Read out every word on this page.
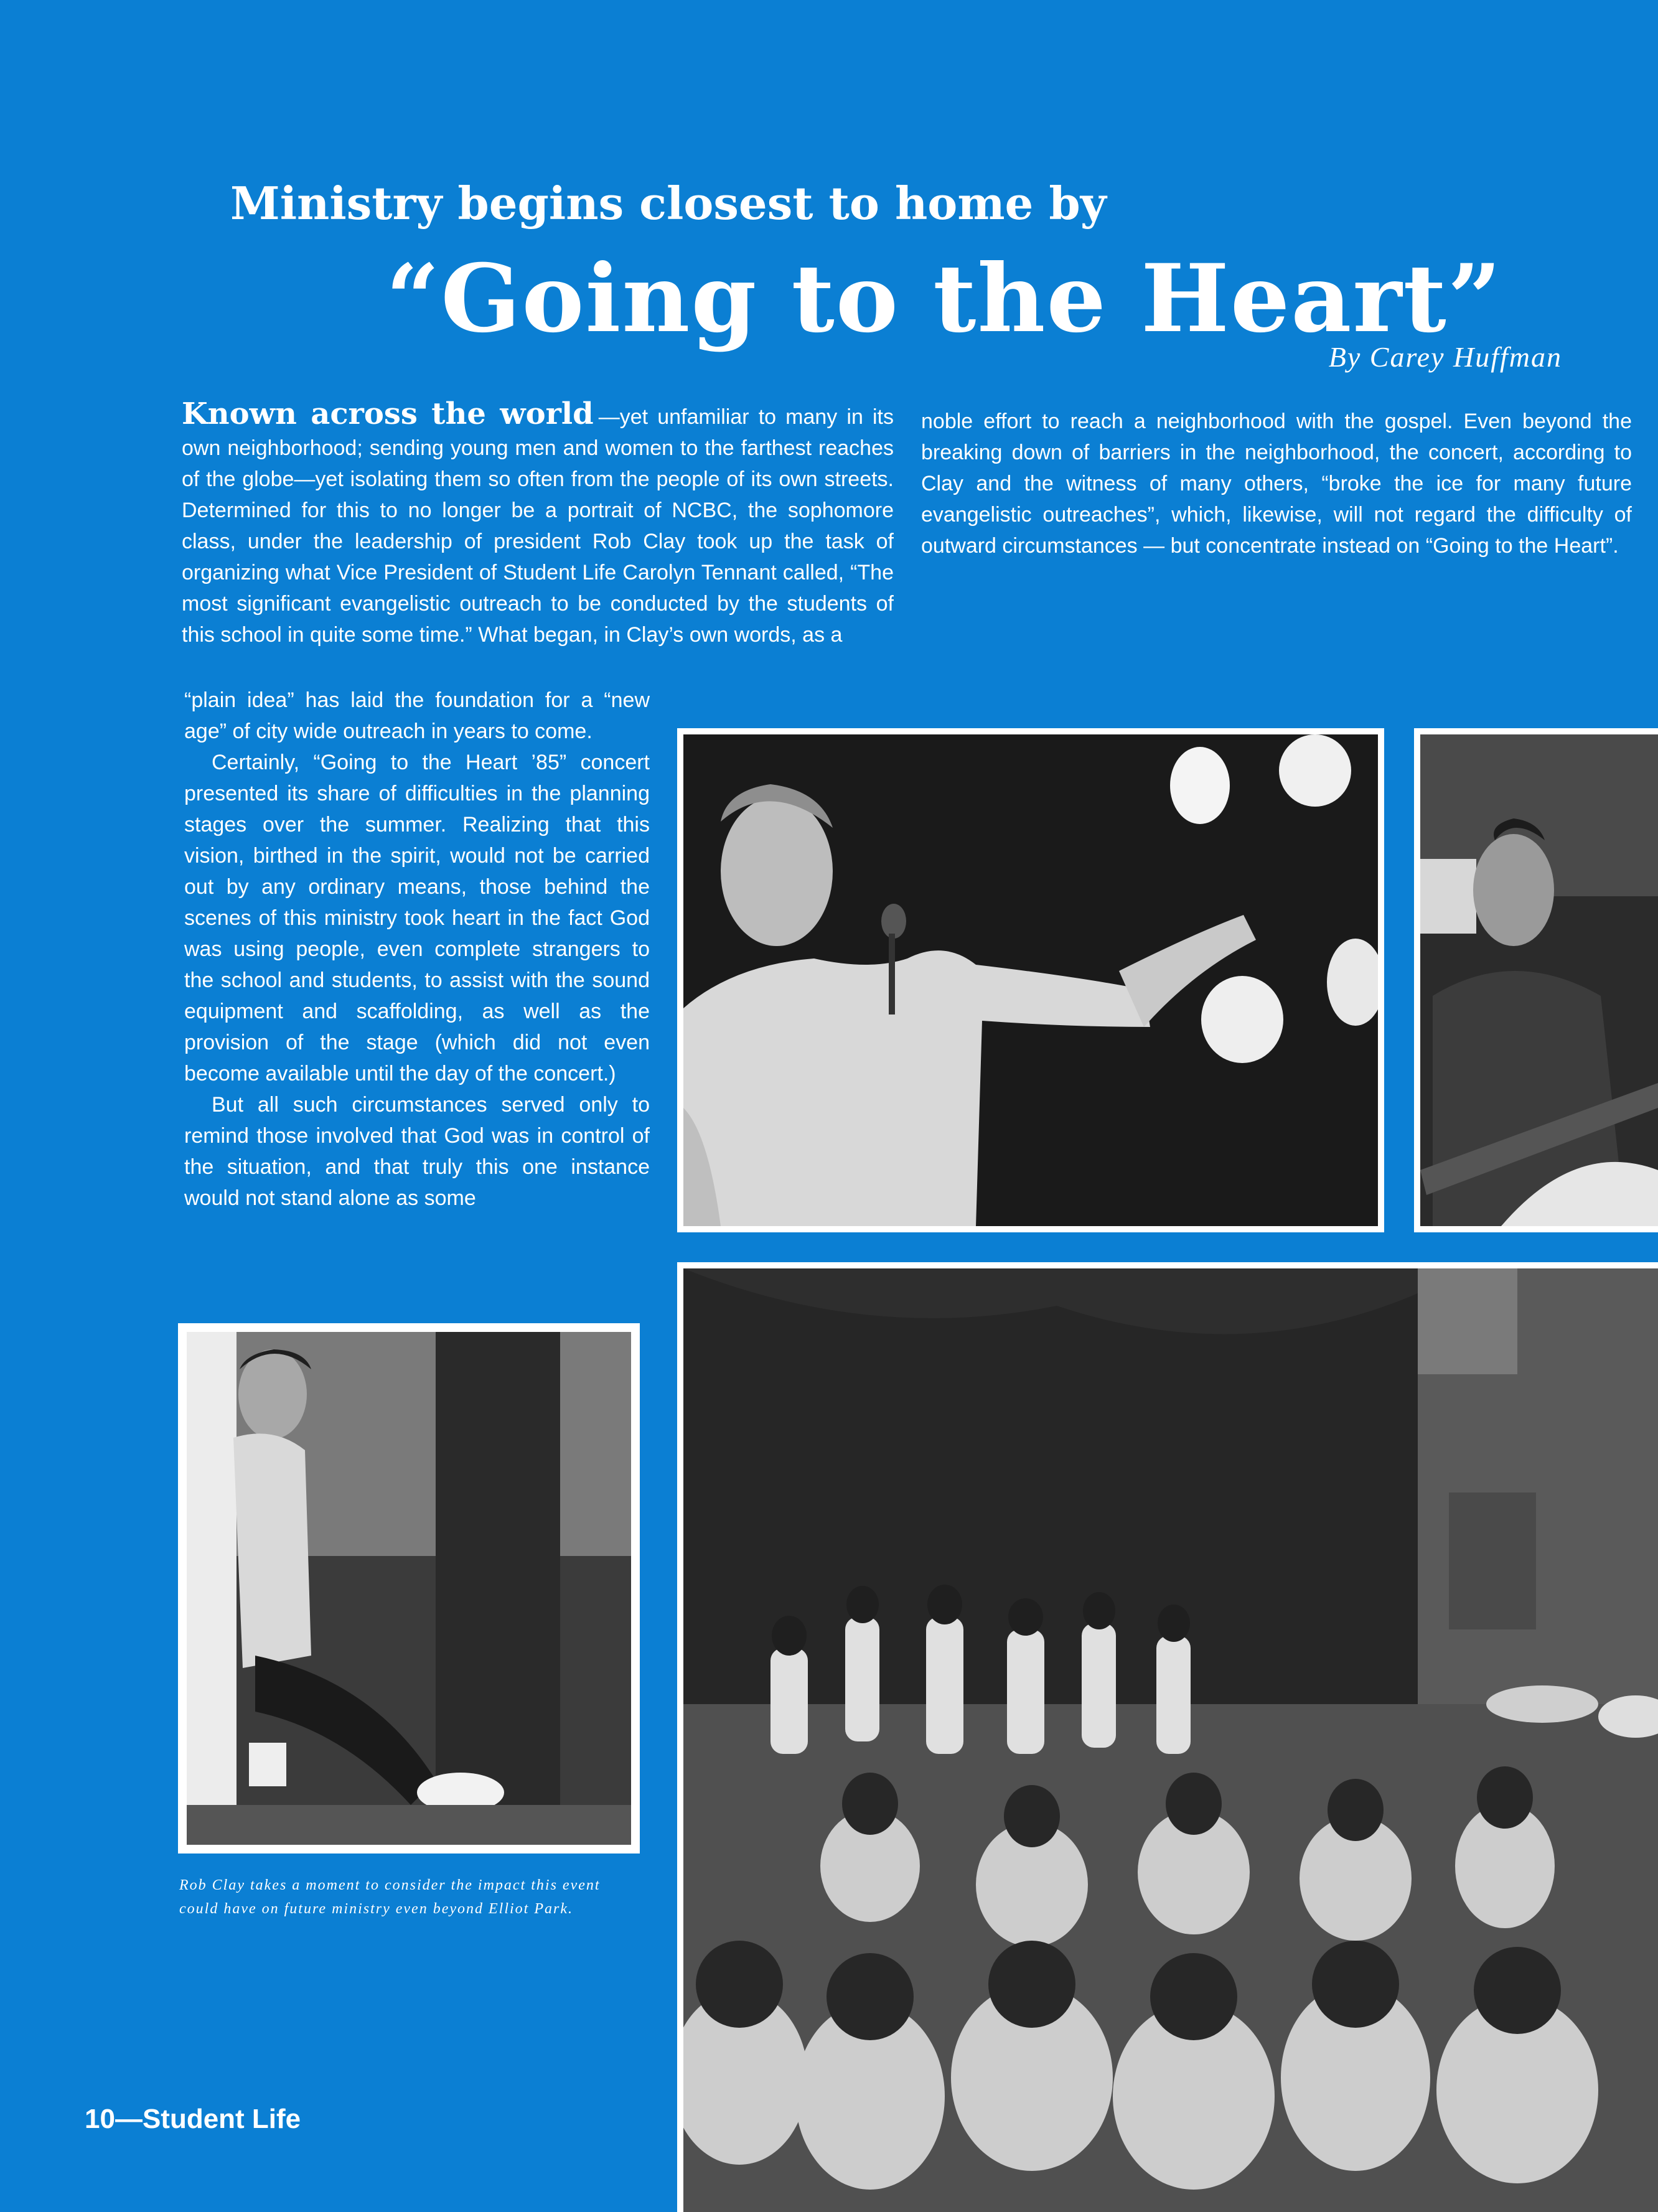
Ministry begins closest to home by
“Going to the Heart”
By Carey Huffman

Known across the world —yet unfamiliar to many in its own neighborhood; sending young men and women to the farthest reaches of the globe—yet isolating them so often from the people of its own streets. Determined for this to no longer be a portrait of NCBC, the sophomore class, under the leadership of president Rob Clay took up the task of organizing what Vice President of Student Life Carolyn Tennant called, “The most significant evangelistic outreach to be conducted by the students of this school in quite some time.” What began, in Clay’s own words, as a

“plain idea” has laid the foundation for a “new age” of city wide outreach in years to come.

Certainly, “Going to the Heart ’85” concert presented its share of difficulties in the planning stages over the summer. Realizing that this vision, birthed in the spirit, would not be carried out by any ordinary means, those behind the scenes of this ministry took heart in the fact God was using people, even complete strangers to the school and students, to assist with the sound equipment and scaffolding, as well as the provision of the stage (which did not even become available until the day of the concert.)

But all such circumstances served only to remind those involved that God was in control of the situation, and that truly this one instance would not stand alone as some

noble effort to reach a neighborhood with the gospel. Even beyond the breaking down of barriers in the neighborhood, the concert, according to Clay and the witness of many others, “broke the ice for many future evangelistic outreaches”, which, likewise, will not regard the difficulty of outward circumstances — but concentrate instead on “Going to the Heart”.

Rob Clay takes a moment to consider the impact this event could have on future ministry even beyond Elliot Park.
10—Student Life
